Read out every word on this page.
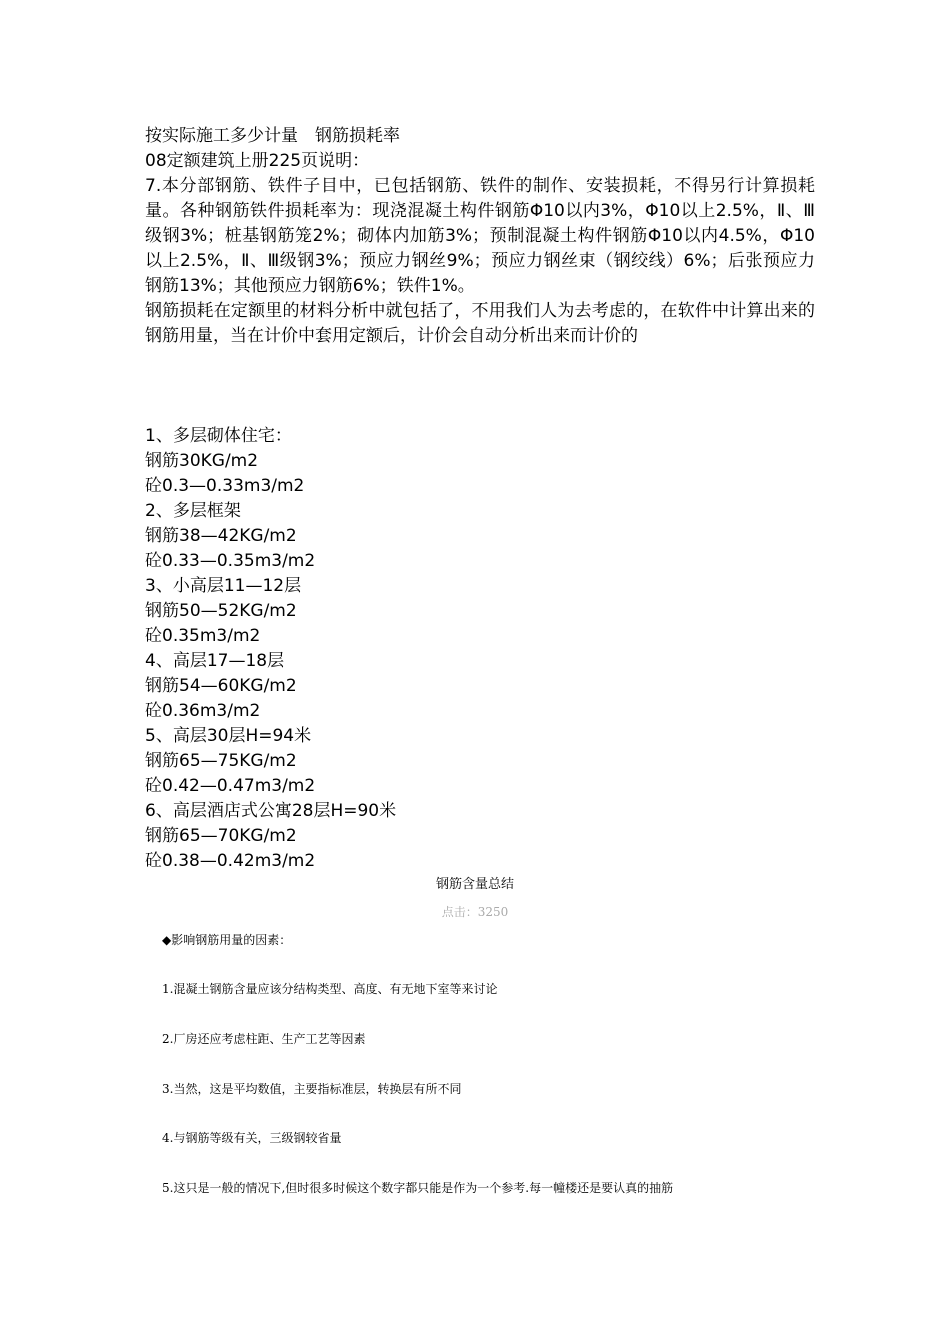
按实际施工多少计量　钢筋损耗率

08定额建筑上册225页说明：

7.本分部钢筋、铁件子目中，已包括钢筋、铁件的制作、安装损耗，不得另行计算损耗量。各种钢筋铁件损耗率为：现浇混凝土构件钢筋Φ10以内3%，Φ10以上2.5%，Ⅱ、Ⅲ级钢3%；桩基钢筋笼2%；砌体内加筋3%；预制混凝土构件钢筋Φ10以内4.5%，Φ10以上2.5%，Ⅱ、Ⅲ级钢3%；预应力钢丝9%；预应力钢丝束（钢绞线）6%；后张预应力钢筋13%；其他预应力钢筋6%；铁件1%。

钢筋损耗在定额里的材料分析中就包括了，不用我们人为去考虑的，在软件中计算出来的钢筋用量，当在计价中套用定额后，计价会自动分析出来而计价的

1、多层砌体住宅：

钢筋30KG/m2

砼0.3—0.33m3/m2

2、多层框架

钢筋38—42KG/m2

砼0.33—0.35m3/m2

3、小高层11—12层

钢筋50—52KG/m2

砼0.35m3/m2

4、高层17—18层

钢筋54—60KG/m2

砼0.36m3/m2

5、高层30层H=94米

钢筋65—75KG/m2

砼0.42—0.47m3/m2

6、高层酒店式公寓28层H=90米

钢筋65—70KG/m2

砼0.38—0.42m3/m2

钢筋含量总结
点击：3250
◆影响钢筋用量的因素：
1.混凝土钢筋含量应该分结构类型、高度、有无地下室等来讨论
2.厂房还应考虑柱距、生产工艺等因素
3.当然，这是平均数值，主要指标准层，转换层有所不同
4.与钢筋等级有关，三级钢较省量
5.这只是一般的情况下,但时很多时候这个数字都只能是作为一个参考.每一幢楼还是要认真的抽筋
